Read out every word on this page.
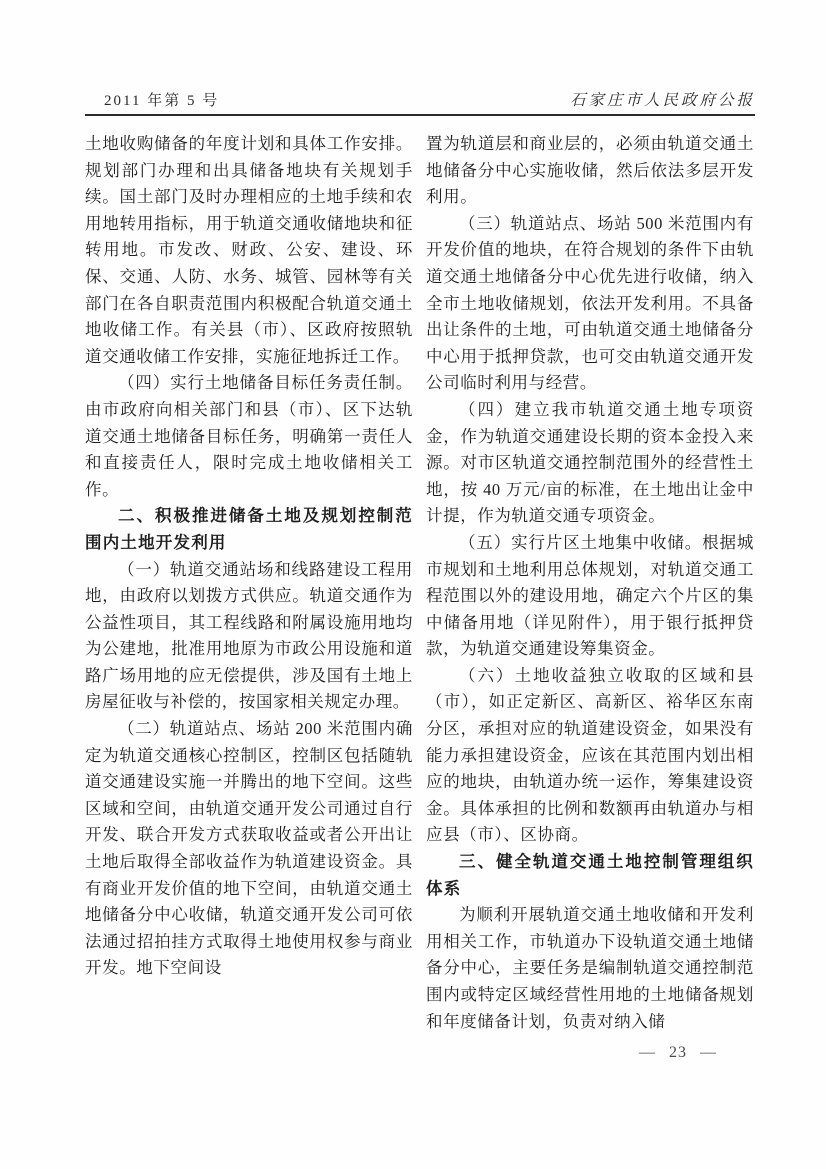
2011 年第 5 号	石家庄市人民政府公报

土地收购储备的年度计划和具体工作安排。规划部门办理和出具储备地块有关规划手续。国土部门及时办理相应的土地手续和农用地转用指标，用于轨道交通收储地块和征转用地。市发改、财政、公安、建设、环保、交通、人防、水务、城管、园林等有关部门在各自职责范围内积极配合轨道交通土地收储工作。有关县（市）、区政府按照轨道交通收储工作安排，实施征地拆迁工作。

（四）实行土地储备目标任务责任制。由市政府向相关部门和县（市）、区下达轨道交通土地储备目标任务，明确第一责任人和直接责任人，限时完成土地收储相关工作。

二、积极推进储备土地及规划控制范围内土地开发利用

（一）轨道交通站场和线路建设工程用地，由政府以划拨方式供应。轨道交通作为公益性项目，其工程线路和附属设施用地均为公建地，批准用地原为市政公用设施和道路广场用地的应无偿提供，涉及国有土地上房屋征收与补偿的，按国家相关规定办理。

（二）轨道站点、场站 200 米范围内确定为轨道交通核心控制区，控制区包括随轨道交通建设实施一并腾出的地下空间。这些区域和空间，由轨道交通开发公司通过自行开发、联合开发方式获取收益或者公开出让土地后取得全部收益作为轨道建设资金。具有商业开发价值的地下空间，由轨道交通土地储备分中心收储，轨道交通开发公司可依法通过招拍挂方式取得土地使用权参与商业开发。地下空间设

置为轨道层和商业层的，必须由轨道交通土地储备分中心实施收储，然后依法多层开发利用。

（三）轨道站点、场站 500 米范围内有开发价值的地块，在符合规划的条件下由轨道交通土地储备分中心优先进行收储，纳入全市土地收储规划，依法开发利用。不具备出让条件的土地，可由轨道交通土地储备分中心用于抵押贷款，也可交由轨道交通开发公司临时利用与经营。

（四）建立我市轨道交通土地专项资金，作为轨道交通建设长期的资本金投入来源。对市区轨道交通控制范围外的经营性土地，按 40 万元/亩的标准，在土地出让金中计提，作为轨道交通专项资金。

（五）实行片区土地集中收储。根据城市规划和土地利用总体规划，对轨道交通工程范围以外的建设用地，确定六个片区的集中储备用地（详见附件），用于银行抵押贷款，为轨道交通建设筹集资金。

（六）土地收益独立收取的区域和县（市），如正定新区、高新区、裕华区东南分区，承担对应的轨道建设资金，如果没有能力承担建设资金，应该在其范围内划出相应的地块，由轨道办统一运作，筹集建设资金。具体承担的比例和数额再由轨道办与相应县（市）、区协商。

三、健全轨道交通土地控制管理组织体系

为顺利开展轨道交通土地收储和开发利用相关工作，市轨道办下设轨道交通土地储备分中心，主要任务是编制轨道交通控制范围内或特定区域经营性用地的土地储备规划和年度储备计划，负责对纳入储

— 23 —
